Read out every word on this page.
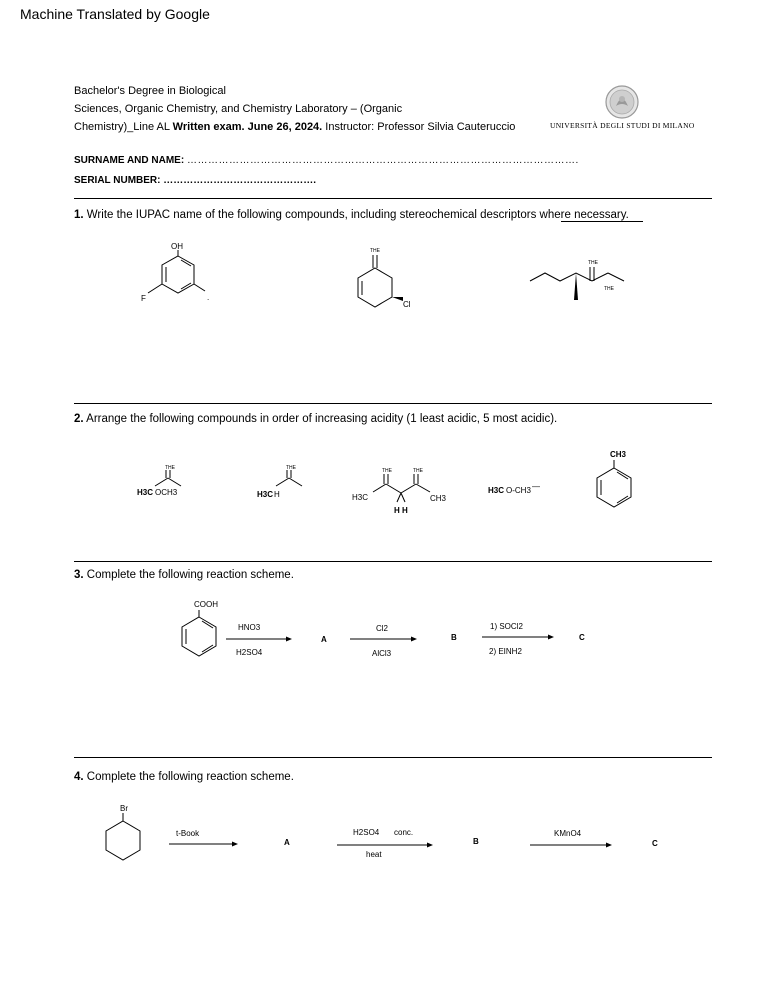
Machine Translated by Google
Bachelor's Degree in Biological
Sciences, Organic Chemistry, and Chemistry Laboratory – (Organic
Chemistry)_Line AL Written exam. June 26, 2024. Instructor: Professor Silvia Cauteruccio	UNIVERSITÀ DEGLI STUDI DI MILANO
SURNAME AND NAME: ………………………………………………………………………………………………….
SERIAL NUMBER: ……………………………………….
1. Write the IUPAC name of the following compounds, including stereochemical descriptors where necessary.
OH
F	.
THE
Cl
THE
THE
2. Arrange the following compounds in order of increasing acidity (1 least acidic, 5 most acidic).
THE
H3C OCH3
THE
H3C H
THE	THE
H3C	CH3
H H
H3C O-CH3 —
CH3
3. Complete the following reaction scheme.
COOH
HNO3
H2SO4
A
Cl2
AlCl3
B
1) SOCl2
2) EINH2
C
4. Complete the following reaction scheme.
Br
t-Book
A
H2SO4 conc.
heat
B
KMnO4
C
